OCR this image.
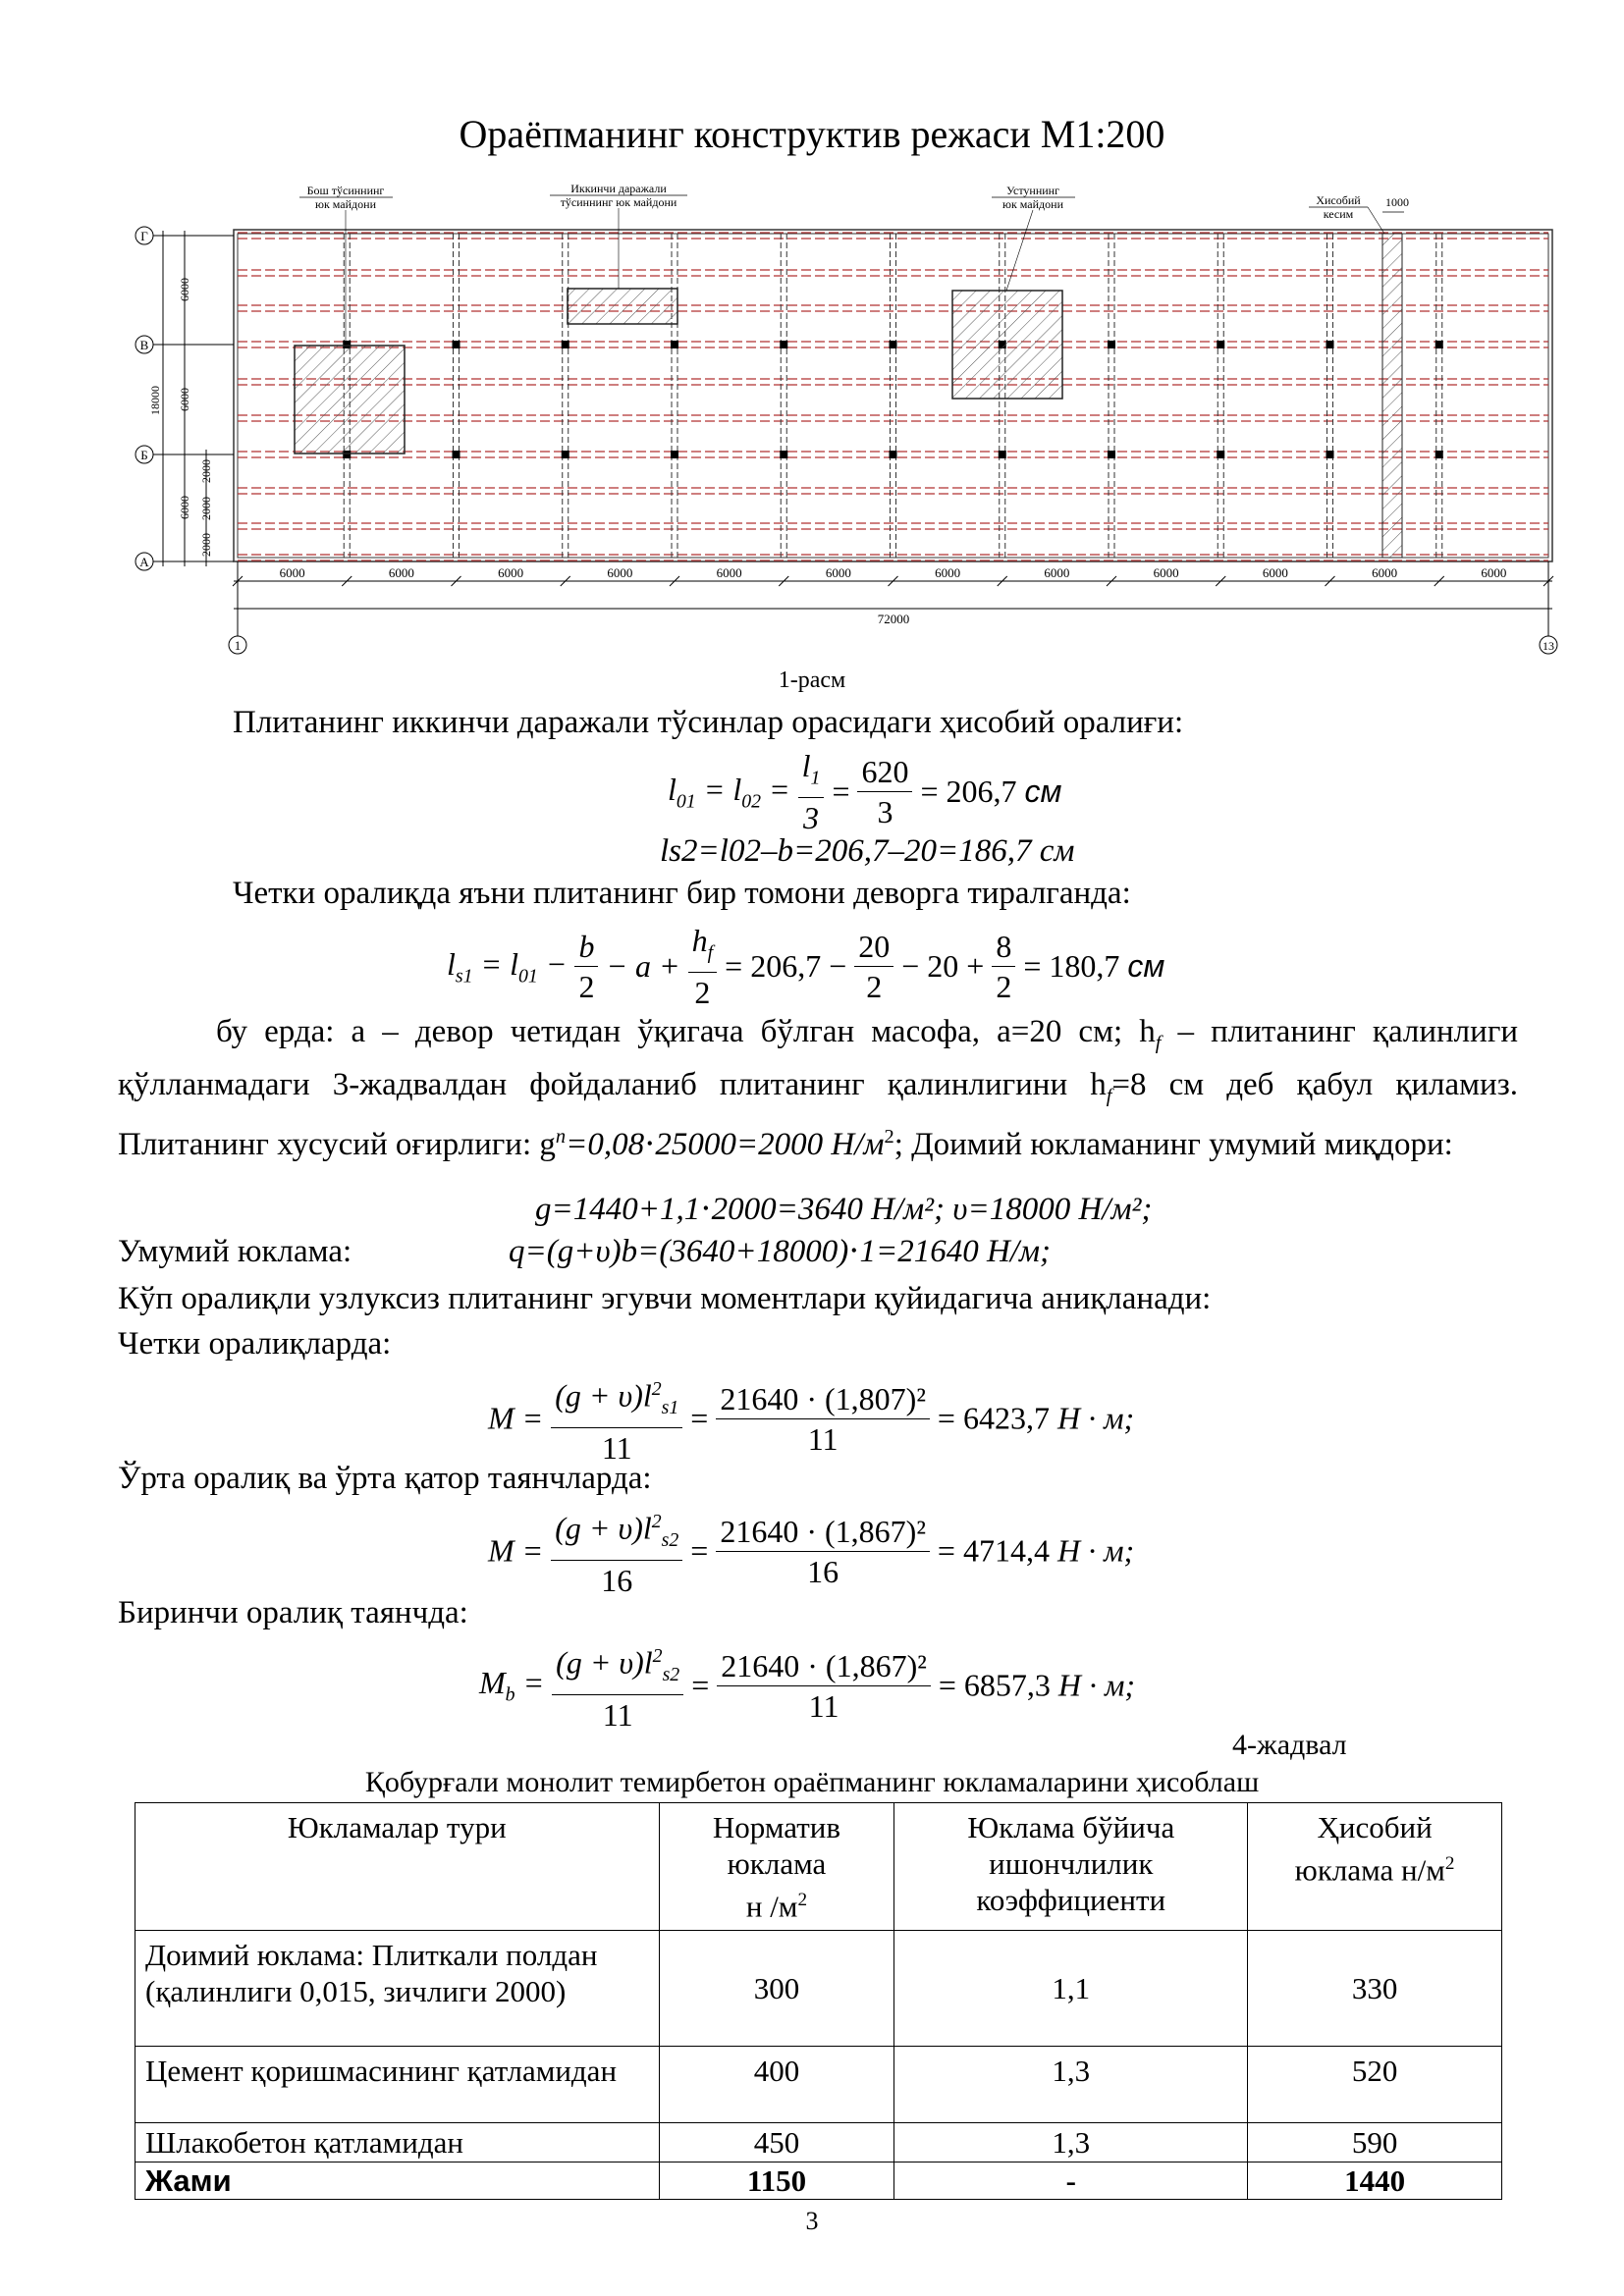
Ораёпманинг конструктив режаси М1:200
Бош тўсиннинг
юк майдони
Иккинчи даражали
тўсиннинг юк майдони
Устуннинг
юк майдони	Хисобий
кесим
1000
Г
В
Б
А
6000
6000
6000
18000
2000
2000
2000
6000	6000	6000	6000	6000	6000	6000	6000	6000	6000	6000	6000
72000
1	13
1-расм
Плитанинг иккинчи даражали тўсинлар орасидаги ҳисобий оралиғи:
$l_{01} = l_{02} = \frac{l_1}{3} = \frac{620}{3} = 206,7$ см
ls2=l02–b=206,7–20=186,7 см
Четки оралиқда яъни плитанинг бир томони деворга тиралганда:
$l_{s1} = l_{01} - \frac{b}{2} - a + \frac{h_f}{2} = 206,7 - \frac{20}{2} - 20 + \frac{8}{2} = 180,7$ см
бу ерда: a – девор четидан ўқигача бўлган масофа, a=20 см; $h_f$ – плитанинг қалинлиги қўлланмадаги 3-жадвалдан фойдаланиб плитанинг қалинлигини $h_f=8$ см деб қабул қиламиз. Плитанинг хусусий оғирлиги: $g^n=0,08\cdot 25000=2000$ $Н/м^2$; Доимий юкламанинг умумий миқдори:
g=1440+1,1⋅2000=3640 Н/м²; υ=18000 Н/м²;
Умумий юклама:	q=(g+υ)b=(3640+18000)⋅1=21640 Н/м;
Кўп оралиқли узлуксиз плитанинг эгувчи моментлари қуйидагича аниқланади:
Четки оралиқларда:
$M = \frac{(g + \upsilon)l^2_{s1}}{11} = \frac{\text{21640 · (1,807)²}}{11} = 6423,7$ Н · м;
Ўрта оралиқ ва ўрта қатор таянчларда:
$M = \frac{(g + \upsilon)l^2_{s2}}{16} = \frac{\text{21640 · (1,867)²}}{16} = 4714,4$ Н · м;
Биринчи оралиқ таянчда:
$M_b = \frac{(g + \upsilon)l^2_{s2}}{11} = \frac{\text{21640 · (1,867)²}}{11} = 6857,3$ Н · м;
4-жадвал
Қобурғали монолит темирбетон ораёпманинг юкламаларини ҳисоблаш
Юкламалар тури	Норматив
юклама
н $/м^2$	Юклама бўйича
ишончлилик
коэффициенти	Ҳисобий
юклама $н/м^2$
Доимий юклама: Плиткали полдан (қалинлиги 0,015, зичлиги 2000)	300	1,1	330
Цемент қоришмасининг қатламидан	400	1,3	520
Шлакобетон қатламидан	450	1,3	590
Жами	1150	-	1440
3
